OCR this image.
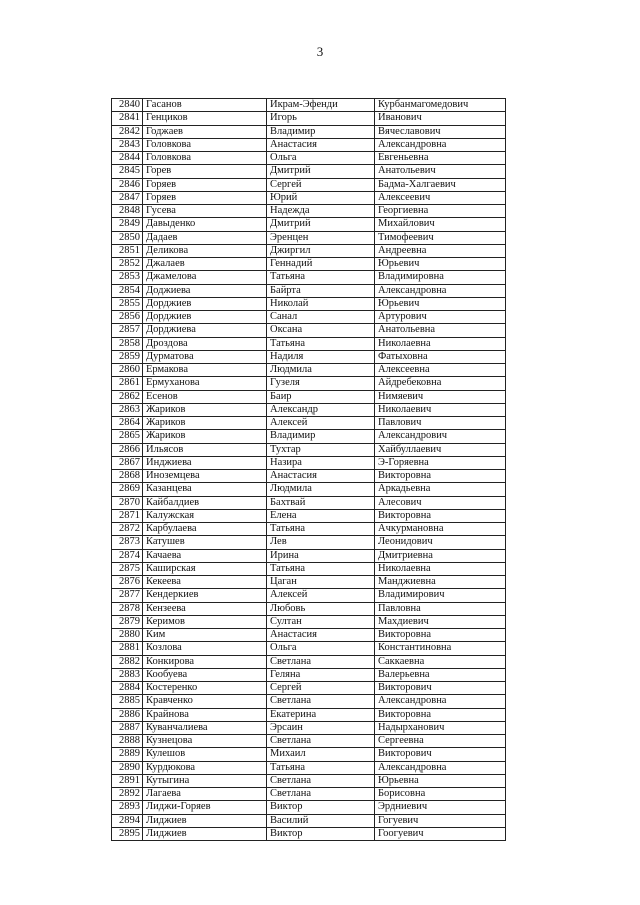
3
2840	Гасанов	Икрам-Эфенди	Курбанмагомедович
2841	Генциков	Игорь	Иванович
2842	Годжаев	Владимир	Вячеславович
2843	Головкова	Анастасия	Александровна
2844	Головкова	Ольга	Евгеньевна
2845	Горев	Дмитрий	Анатольевич
2846	Горяев	Сергей	Бадма-Халгаевич
2847	Горяев	Юрий	Алексеевич
2848	Гусева	Надежда	Георгиевна
2849	Давыденко	Дмитрий	Михайлович
2850	Дадаев	Эренцен	Тимофеевич
2851	Деликова	Джиргил	Андреевна
2852	Джалаев	Геннадий	Юрьевич
2853	Джамелова	Татьяна	Владимировна
2854	Доджиева	Байрта	Александровна
2855	Дорджиев	Николай	Юрьевич
2856	Дорджиев	Санал	Артурович
2857	Дорджиева	Оксана	Анатольевна
2858	Дроздова	Татьяна	Николаевна
2859	Дурматова	Надиля	Фатыховна
2860	Ермакова	Людмила	Алексеевна
2861	Ермуханова	Гузеля	Айдребековна
2862	Есенов	Баир	Нимяевич
2863	Жариков	Александр	Николаевич
2864	Жариков	Алексей	Павлович
2865	Жариков	Владимир	Александрович
2866	Ильясов	Тухтар	Хайбуллаевич
2867	Инджиева	Назира	Э-Горяевна
2868	Иноземцева	Анастасия	Викторовна
2869	Казанцева	Людмила	Аркадьевна
2870	Кайбалдиев	Бахтвай	Алесович
2871	Калужская	Елена	Викторовна
2872	Карбулаева	Татьяна	Ачкурмановна
2873	Катушев	Лев	Леонидович
2874	Качаева	Ирина	Дмитриевна
2875	Каширская	Татьяна	Николаевна
2876	Кекеева	Цаган	Манджиевна
2877	Кендеркиев	Алексей	Владимирович
2878	Кензеева	Любовь	Павловна
2879	Керимов	Султан	Махдиевич
2880	Ким	Анастасия	Викторовна
2881	Козлова	Ольга	Константиновна
2882	Конкирова	Светлана	Саккаевна
2883	Кообуева	Геляна	Валерьевна
2884	Костеренко	Сергей	Викторович
2885	Кравченко	Светлана	Александровна
2886	Крайнова	Екатерина	Викторовна
2887	Куванчалиева	Эрсаин	Надырханович
2888	Кузнецова	Светлана	Сергеевна
2889	Кулешов	Михаил	Викторович
2890	Курдюкова	Татьяна	Александровна
2891	Кутыгина	Светлана	Юрьевна
2892	Лагаева	Светлана	Борисовна
2893	Лиджи-Горяев	Виктор	Эрдниевич
2894	Лиджиев	Василий	Гогуевич
2895	Лиджиев	Виктор	Гоогуевич
